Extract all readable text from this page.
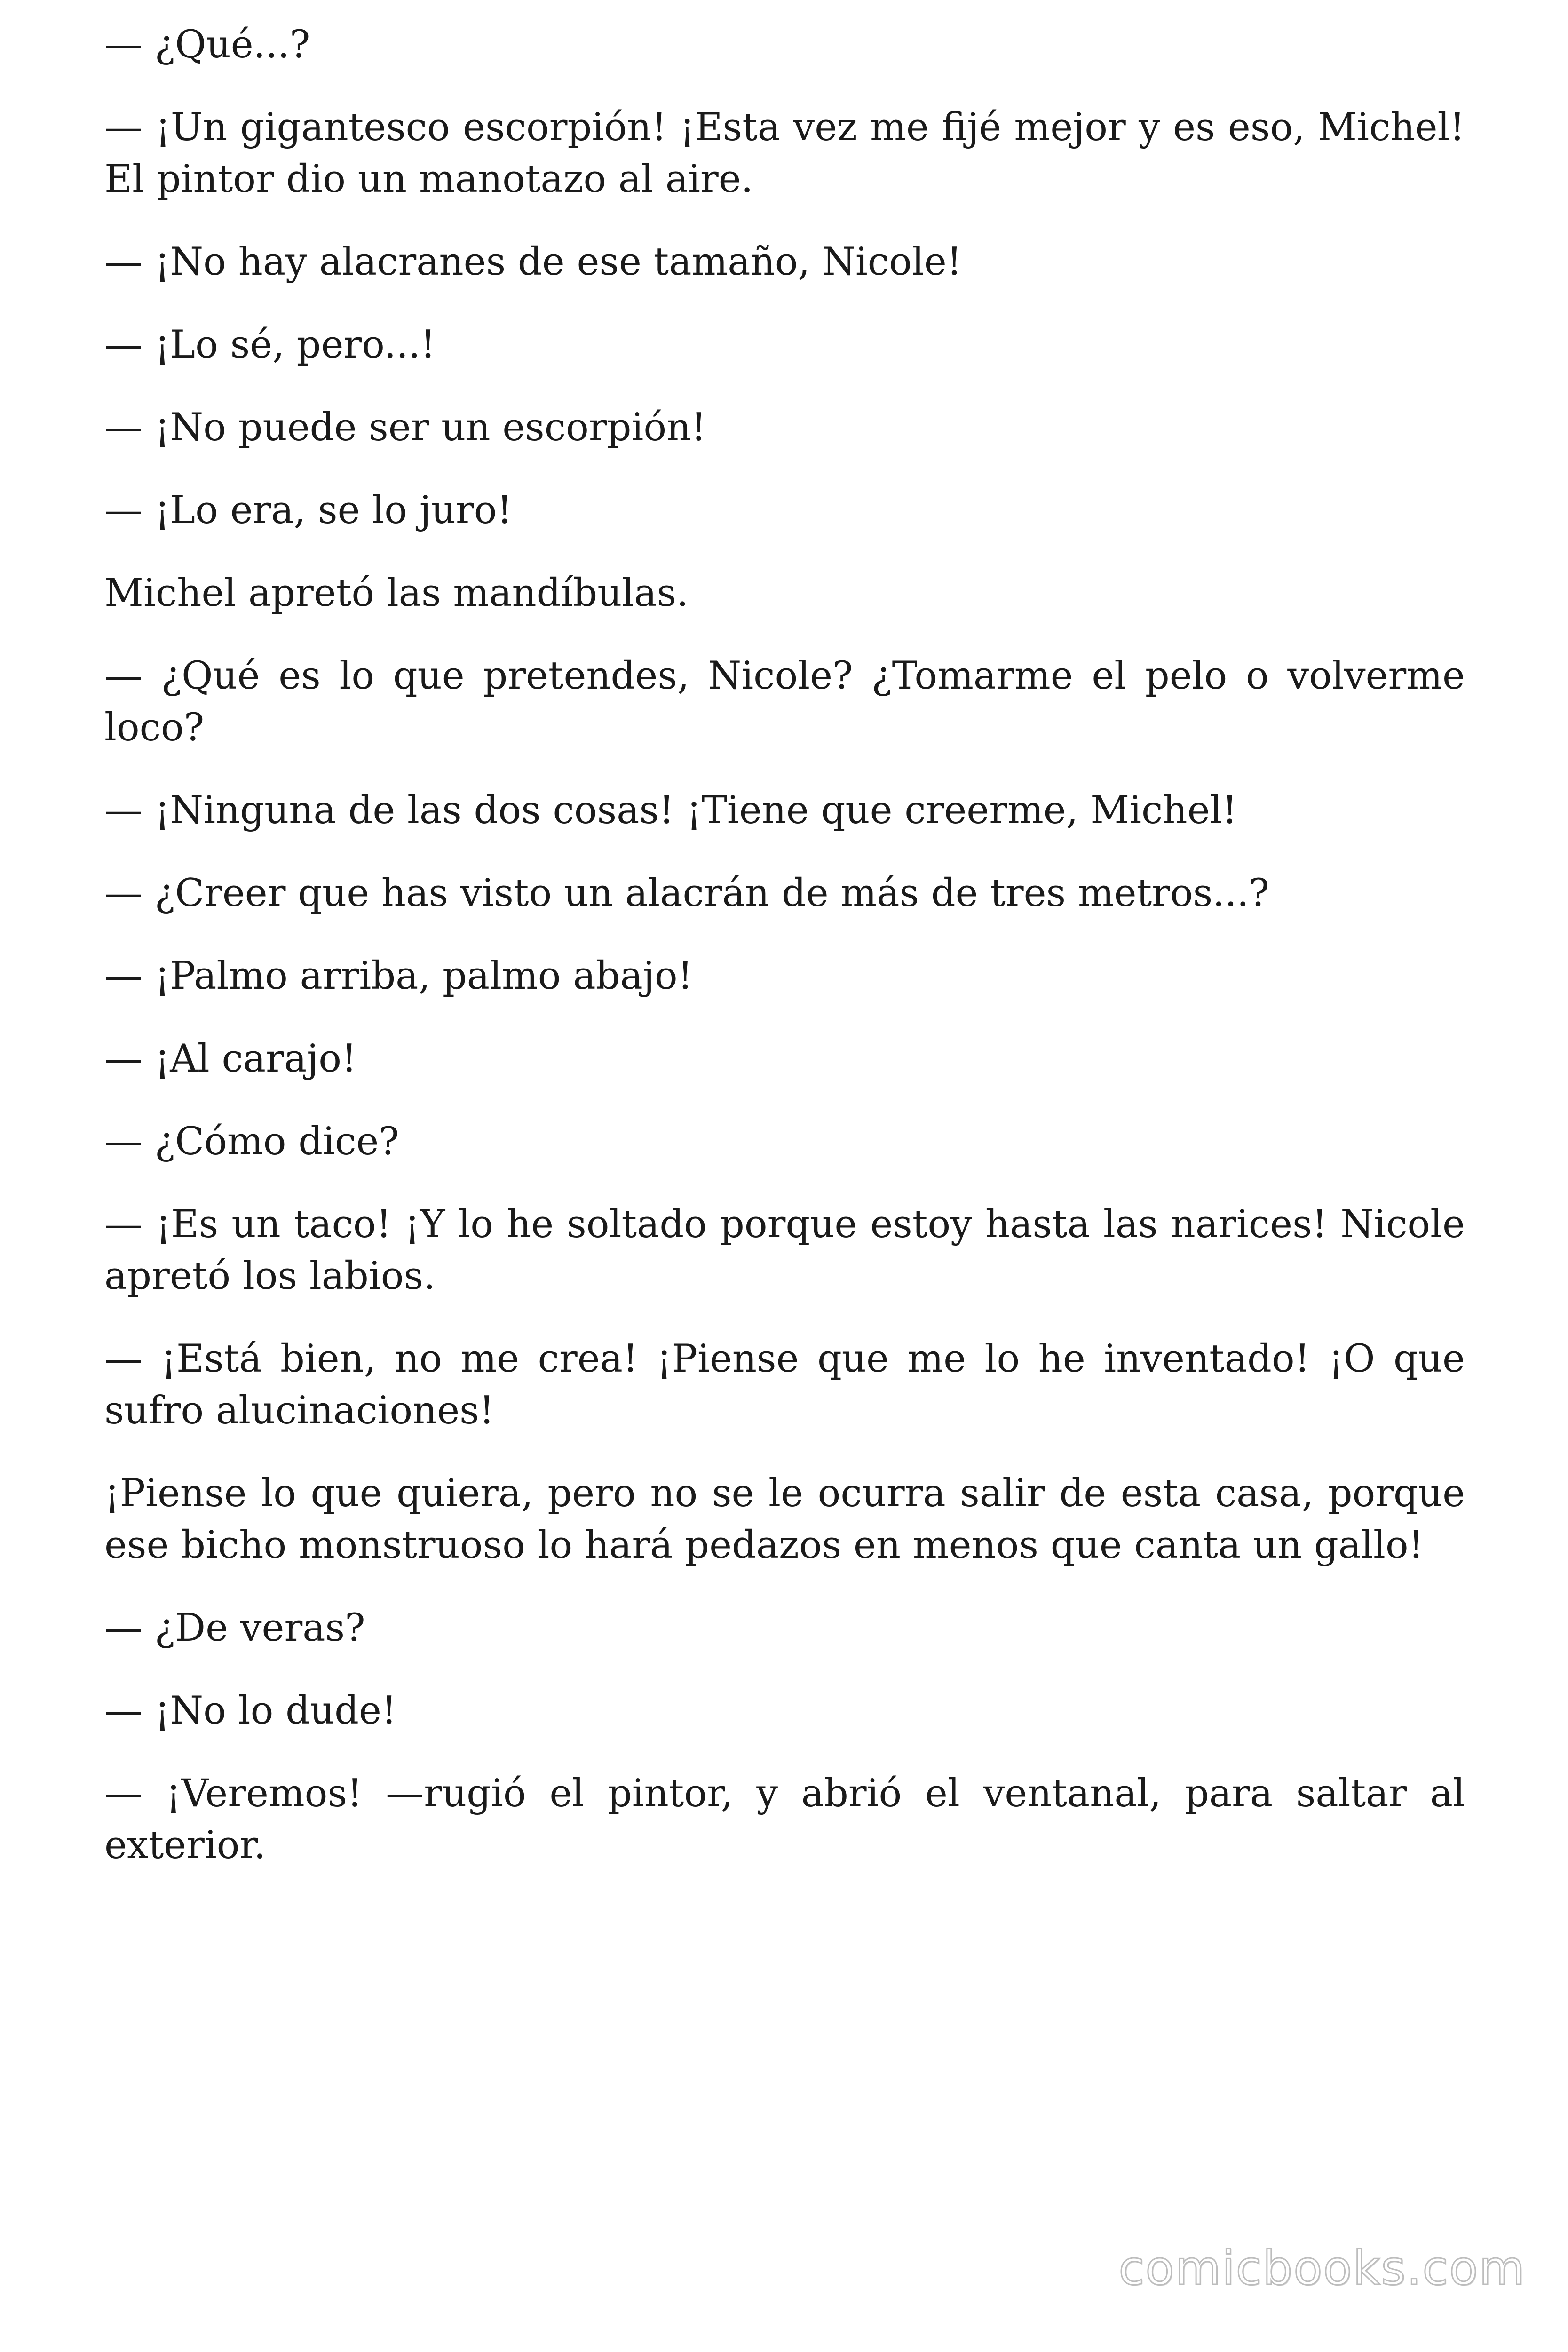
— ¿Qué...?

— ¡Un gigantesco escorpión! ¡Esta vez me fijé mejor y es eso, Michel! El pintor dio un manotazo al aire.

— ¡No hay alacranes de ese tamaño, Nicole!

— ¡Lo sé, pero...!

— ¡No puede ser un escorpión!

— ¡Lo era, se lo juro!

Michel apretó las mandíbulas.

— ¿Qué es lo que pretendes, Nicole? ¿Tomarme el pelo o volverme loco?

— ¡Ninguna de las dos cosas! ¡Tiene que creerme, Michel!

— ¿Creer que has visto un alacrán de más de tres metros...?

— ¡Palmo arriba, palmo abajo!

— ¡Al carajo!

— ¿Cómo dice?

— ¡Es un taco! ¡Y lo he soltado porque estoy hasta las narices! Nicole apretó los labios.

— ¡Está bien, no me crea! ¡Piense que me lo he inventado! ¡O que sufro alucinaciones!

¡Piense lo que quiera, pero no se le ocurra salir de esta casa, porque ese bicho monstruoso lo hará pedazos en menos que canta un gallo!

— ¿De veras?

— ¡No lo dude!

— ¡Veremos! —rugió el pintor, y abrió el ventanal, para saltar al exterior.

comicbooks.com
